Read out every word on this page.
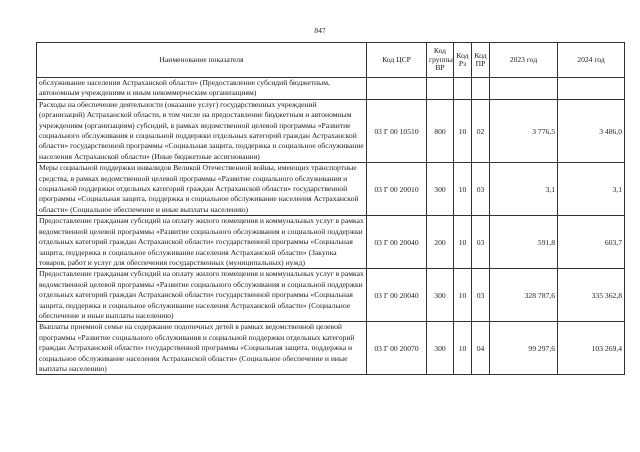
847
Наименование показателя	Код ЦСР	Код группы ВР	Код Рз	Код ПР	2023 год	2024 год
обслуживание населения Астраханской области» (Предоставление субсидий бюджетным, автономным учреждениям и иным некоммерческим организациям)						
Расходы на обеспечение деятельности (оказание услуг) государственных учреждений (организаций) Астраханской области, в том числе на предоставление бюджетным и автономным учреждениям (организациям) субсидий, в рамках ведомственной целевой программы «Развитие социального обслуживания и социальной поддержки отдельных категорий граждан Астраханской области» государственной программы «Социальная защита, поддержка и социальное обслуживание населения Астраханской области» (Иные бюджетные ассигнования)	03 Г 00 10510	800	10	02	3 776,5	3 486,0
Меры социальной поддержки инвалидов Великой Отечественной войны, имеющих транспортные средства, в рамках ведомственной целевой программы «Развитие социального обслуживания и социальной поддержки отдельных категорий граждан Астраханской области» государственной программы «Социальная защита, поддержка и социальное обслуживание населения Астраханской области» (Социальное обеспечение и иные выплаты населению)	03 Г 00 20010	300	10	03	3,1	3,1
Предоставление гражданам субсидий на оплату жилого помещения и коммунальных услуг в рамках ведомственной целевой программы «Развитие социального обслуживания и социальной поддержки отдельных категорий граждан Астраханской области» государственной программы «Социальная защита, поддержка и социальное обслуживание населения Астраханской области» (Закупка товаров, работ и услуг для обеспечения государственных (муниципальных) нужд)	03 Г 00 20040	200	10	03	591,8	603,7
Предоставление гражданам субсидий на оплату жилого помещения и коммунальных услуг в рамках ведомственной целевой программы «Развитие социального обслуживания и социальной поддержки отдельных категорий граждан Астраханской области» государственной программы «Социальная защита, поддержка и социальное обслуживание населения Астраханской области» (Социальное обеспечение и иные выплаты населению)	03 Г 00 20040	300	10	03	328 787,6	335 362,8
Выплаты приемной семье на содержание подопечных детей в рамках ведомственной целевой программы «Развитие социального обслуживания и социальной поддержки отдельных категорий граждан Астраханской области» государственной программы «Социальная защита, поддержка и социальное обслуживание населения Астраханской области» (Социальное обеспечение и иные выплаты населению)	03 Г 00 20070	300	10	04	99 297,6	103 269,4
